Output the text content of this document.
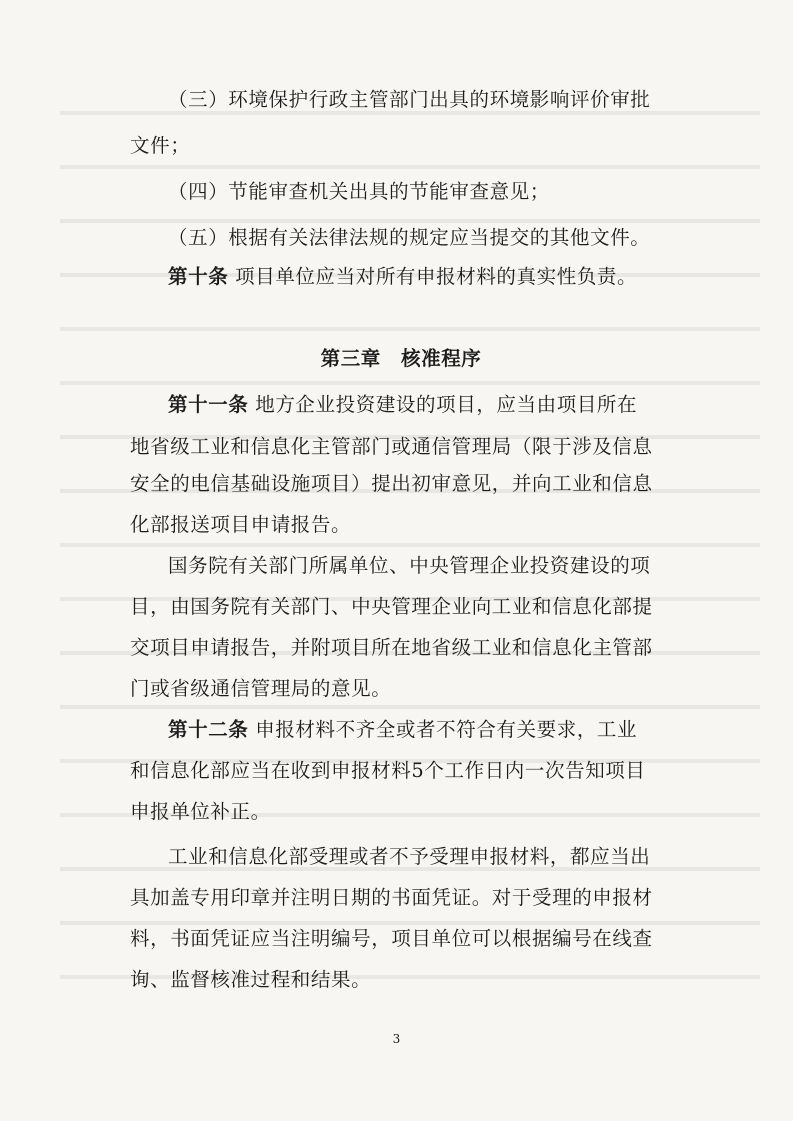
（三）环境保护行政主管部门出具的环境影响评价审批
文件；
（四）节能审查机关出具的节能审查意见；
（五）根据有关法律法规的规定应当提交的其他文件。
第十条 项目单位应当对所有申报材料的真实性负责。
第三章　核准程序
第十一条 地方企业投资建设的项目，应当由项目所在
地省级工业和信息化主管部门或通信管理局（限于涉及信息
安全的电信基础设施项目）提出初审意见，并向工业和信息
化部报送项目申请报告。
国务院有关部门所属单位、中央管理企业投资建设的项
目，由国务院有关部门、中央管理企业向工业和信息化部提
交项目申请报告，并附项目所在地省级工业和信息化主管部
门或省级通信管理局的意见。
第十二条 申报材料不齐全或者不符合有关要求，工业
和信息化部应当在收到申报材料5个工作日内一次告知项目
申报单位补正。
工业和信息化部受理或者不予受理申报材料，都应当出
具加盖专用印章并注明日期的书面凭证。对于受理的申报材
料，书面凭证应当注明编号，项目单位可以根据编号在线查
询、监督核准过程和结果。
3
